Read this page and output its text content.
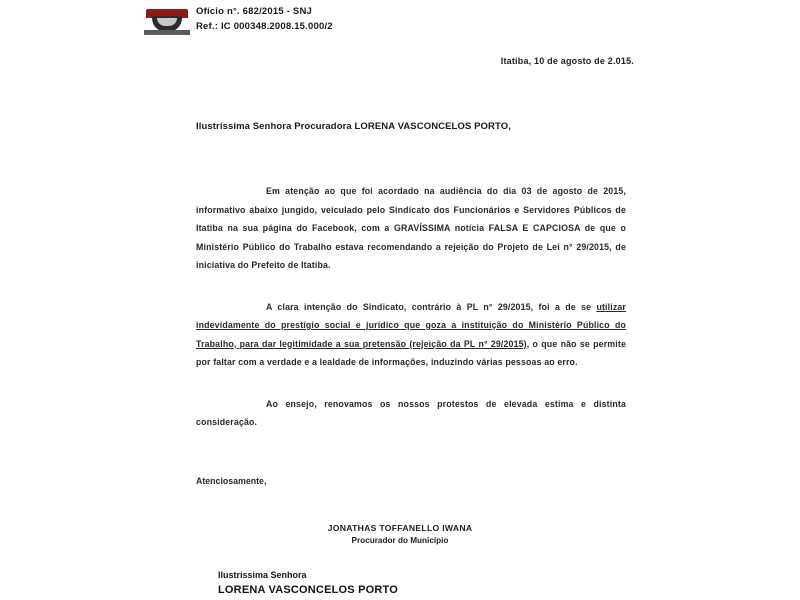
Ofício n°. 682/2015 - SNJ
Ref.: IC 000348.2008.15.000/2
Itatiba, 10 de agosto de 2.015.
Ilustríssima Senhora Procuradora LORENA VASCONCELOS PORTO,

Em atenção ao que foi acordado na audiência do dia 03 de agosto de 2015, informativo abaixo jungido, veiculado pelo Sindicato dos Funcionários e Servidores Públicos de Itatiba na sua página do Facebook, com a GRAVÍSSIMA notícia FALSA E CAPCIOSA de que o Ministério Público do Trabalho estava recomendando a rejeição do Projeto de Lei n° 29/2015, de iniciativa do Prefeito de Itatiba.

A clara intenção do Sindicato, contrário à PL n° 29/2015, foi a de se utilizar indevidamente do prestígio social e jurídico que goza a instituição do Ministério Público do Trabalho, para dar legitimidade a sua pretensão (rejeição da PL n° 29/2015), o que não se permite por faltar com a verdade e a lealdade de informações, induzindo várias pessoas ao erro.

Ao ensejo, renovamos os nossos protestos de elevada estima e distinta consideração.

Atenciosamente,
JONATHAS TOFFANELLO IWANA
Procurador do Município
Ilustríssima Senhora
LORENA VASCONCELOS PORTO
